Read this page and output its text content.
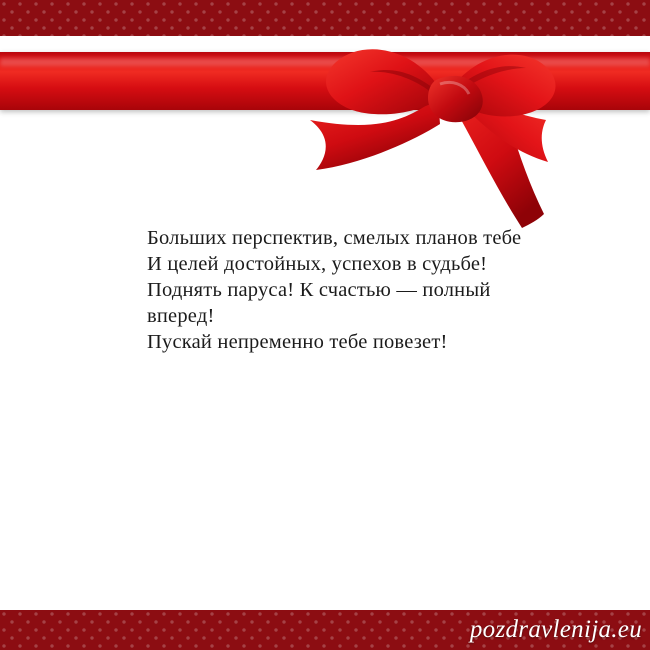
Больших перспектив, смелых планов тебе

И целей достойных, успехов в судьбе!

Поднять паруса! К счастью — полный вперед!

Пускай непременно тебе повезет!

pozdravlenija.eu
